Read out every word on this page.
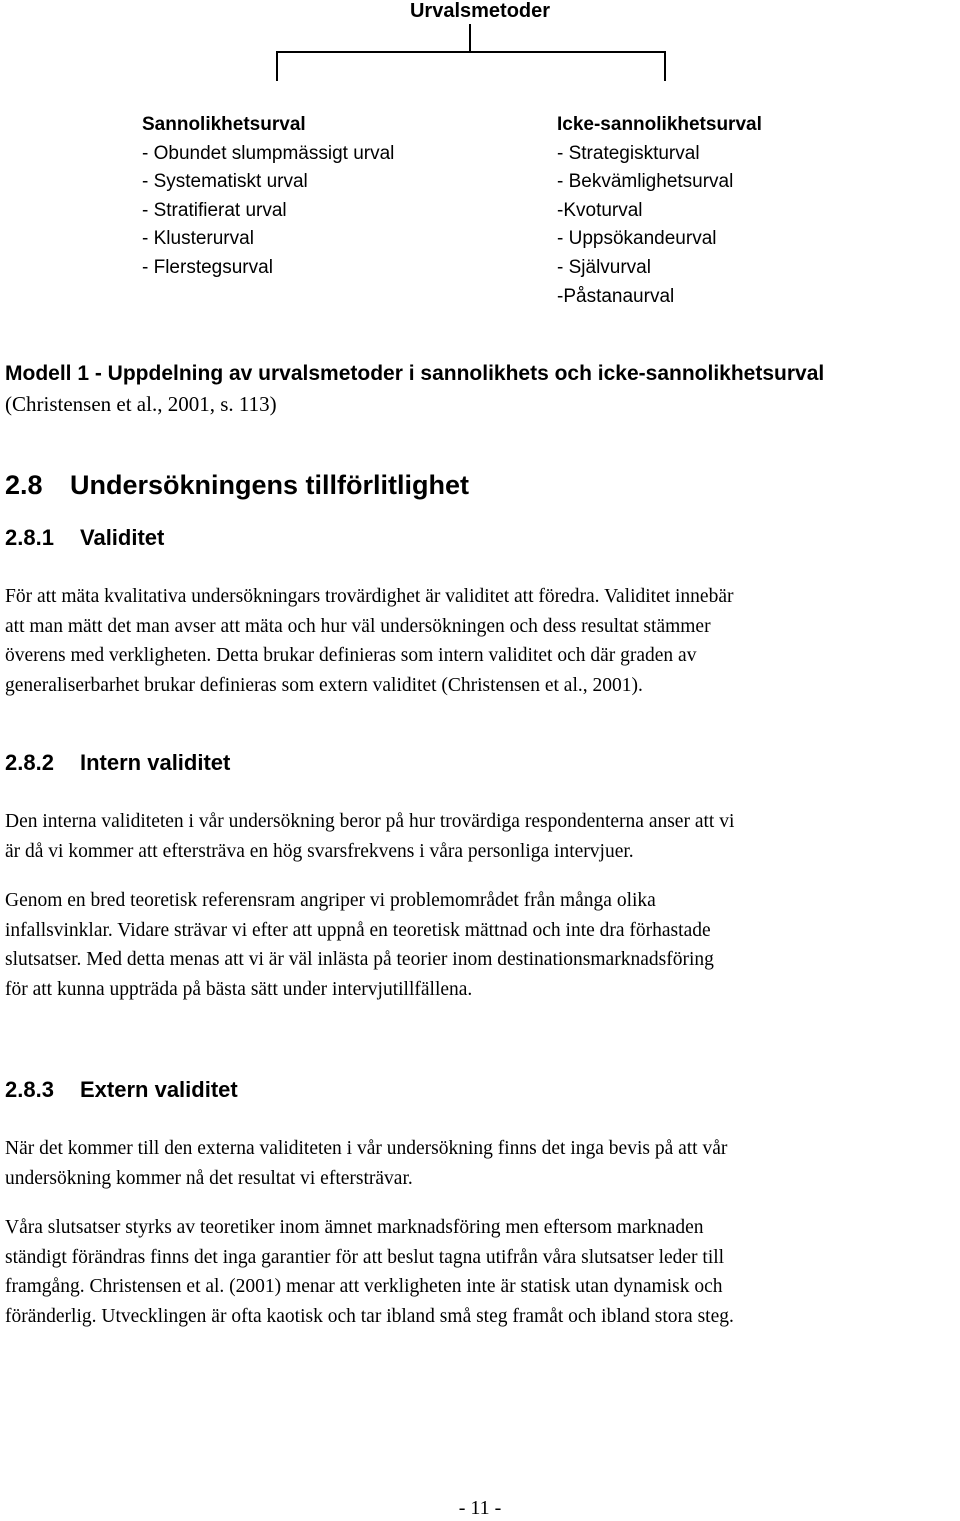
Urvalsmetoder
Sannolikhetsurval
- Obundet slumpmässigt urval
- Systematiskt urval
- Stratifierat urval
- Klusterurval
- Flerstegsurval
Icke-sannolikhetsurval
- Strategiskturval
- Bekvämlighetsurval
-Kvoturval
- Uppsökandeurval
- Självurval
-Påstanaurval
Modell 1 - Uppdelning av urvalsmetoder i sannolikhets och icke-sannolikhetsurval (Christensen et al., 2001, s. 113)
2.8 Undersökningens tillförlitlighet
2.8.1 Validitet
För att mäta kvalitativa undersökningars trovärdighet är validitet att föredra. Validitet innebär
att man mätt det man avser att mäta och hur väl undersökningen och dess resultat stämmer
överens med verkligheten. Detta brukar definieras som intern validitet och där graden av
generaliserbarhet brukar definieras som extern validitet (Christensen et al., 2001).
2.8.2 Intern validitet
Den interna validiteten i vår undersökning beror på hur trovärdiga respondenterna anser att vi
är då vi kommer att eftersträva en hög svarsfrekvens i våra personliga intervjuer.
Genom en bred teoretisk referensram angriper vi problemområdet från många olika
infallsvinklar. Vidare strävar vi efter att uppnå en teoretisk mättnad och inte dra förhastade
slutsatser. Med detta menas att vi är väl inlästa på teorier inom destinationsmarknadsföring
för att kunna uppträda på bästa sätt under intervjutillfällena.
2.8.3 Extern validitet
När det kommer till den externa validiteten i vår undersökning finns det inga bevis på att vår
undersökning kommer nå det resultat vi eftersträvar.
Våra slutsatser styrks av teoretiker inom ämnet marknadsföring men eftersom marknaden
ständigt förändras finns det inga garantier för att beslut tagna utifrån våra slutsatser leder till
framgång. Christensen et al. (2001) menar att verkligheten inte är statisk utan dynamisk och
föränderlig. Utvecklingen är ofta kaotisk och tar ibland små steg framåt och ibland stora steg.
- 11 -
